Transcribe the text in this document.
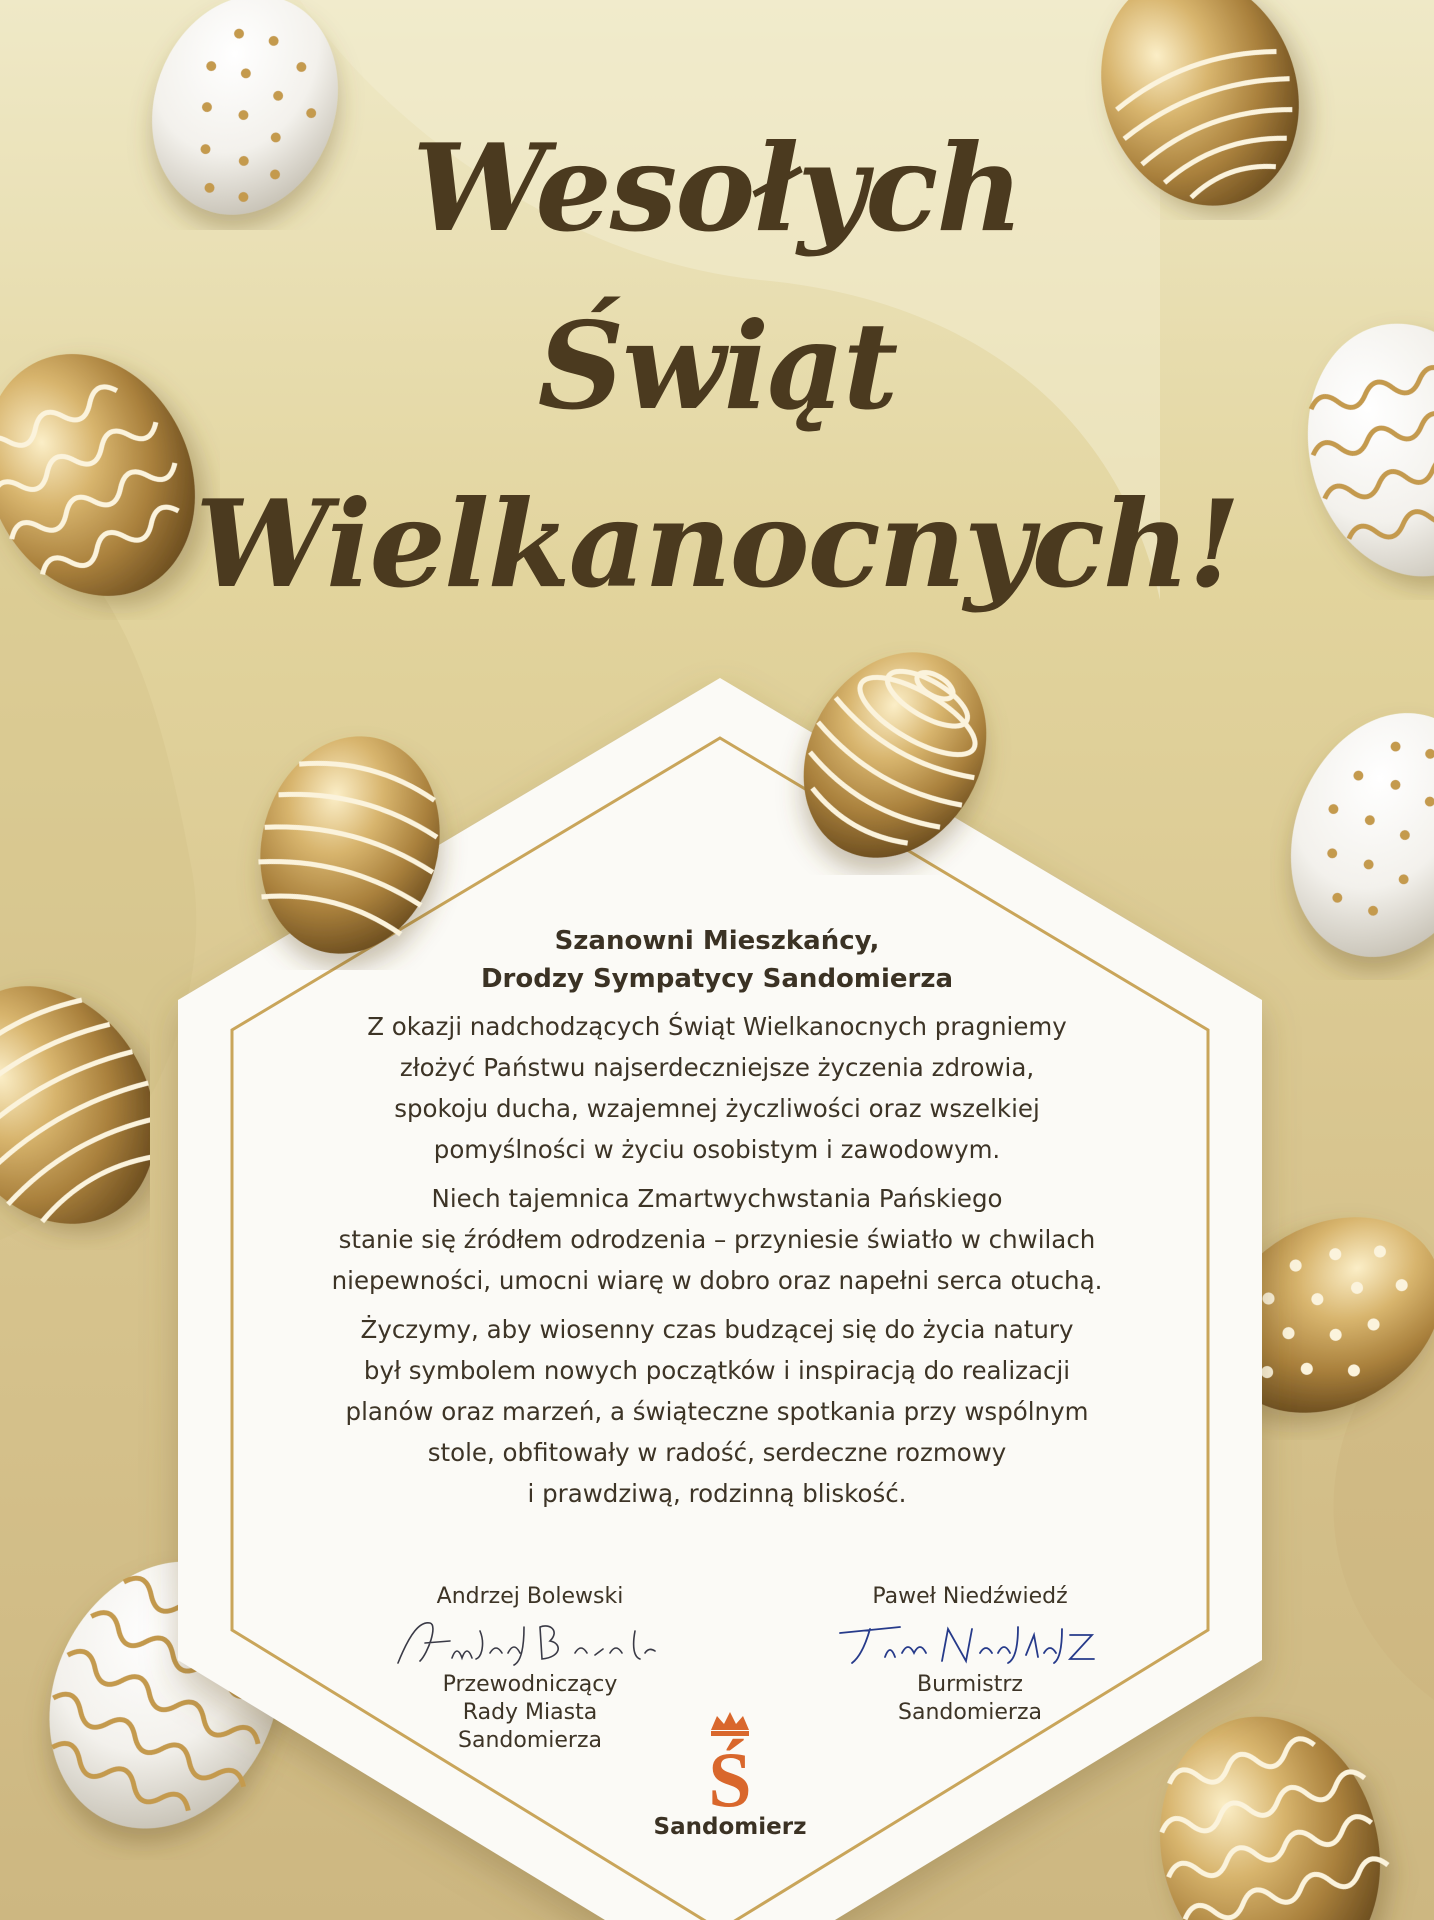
Wesołych
Świąt
Wielkanocnych!
Szanowni Mieszkańcy,
Drodzy Sympatycy Sandomierza
Z okazji nadchodzących Świąt Wielkanocnych pragniemy
złożyć Państwu najserdeczniejsze życzenia zdrowia,
spokoju ducha, wzajemnej życzliwości oraz wszelkiej
pomyślności w życiu osobistym i zawodowym.
Niech tajemnica Zmartwychwstania Pańskiego
stanie się źródłem odrodzenia – przyniesie światło w chwilach
niepewności, umocni wiarę w dobro oraz napełni serca otuchą.
Życzymy, aby wiosenny czas budzącej się do życia natury
był symbolem nowych początków i inspiracją do realizacji
planów oraz marzeń, a świąteczne spotkania przy wspólnym
stole, obfitowały w radość, serdeczne rozmowy
i prawdziwą, rodzinną bliskość.
Andrzej Bolewski
Przewodniczący
Rady Miasta
Sandomierza
Paweł Niedźwiedź
Burmistrz
Sandomierza
Ś
Sandomierz
